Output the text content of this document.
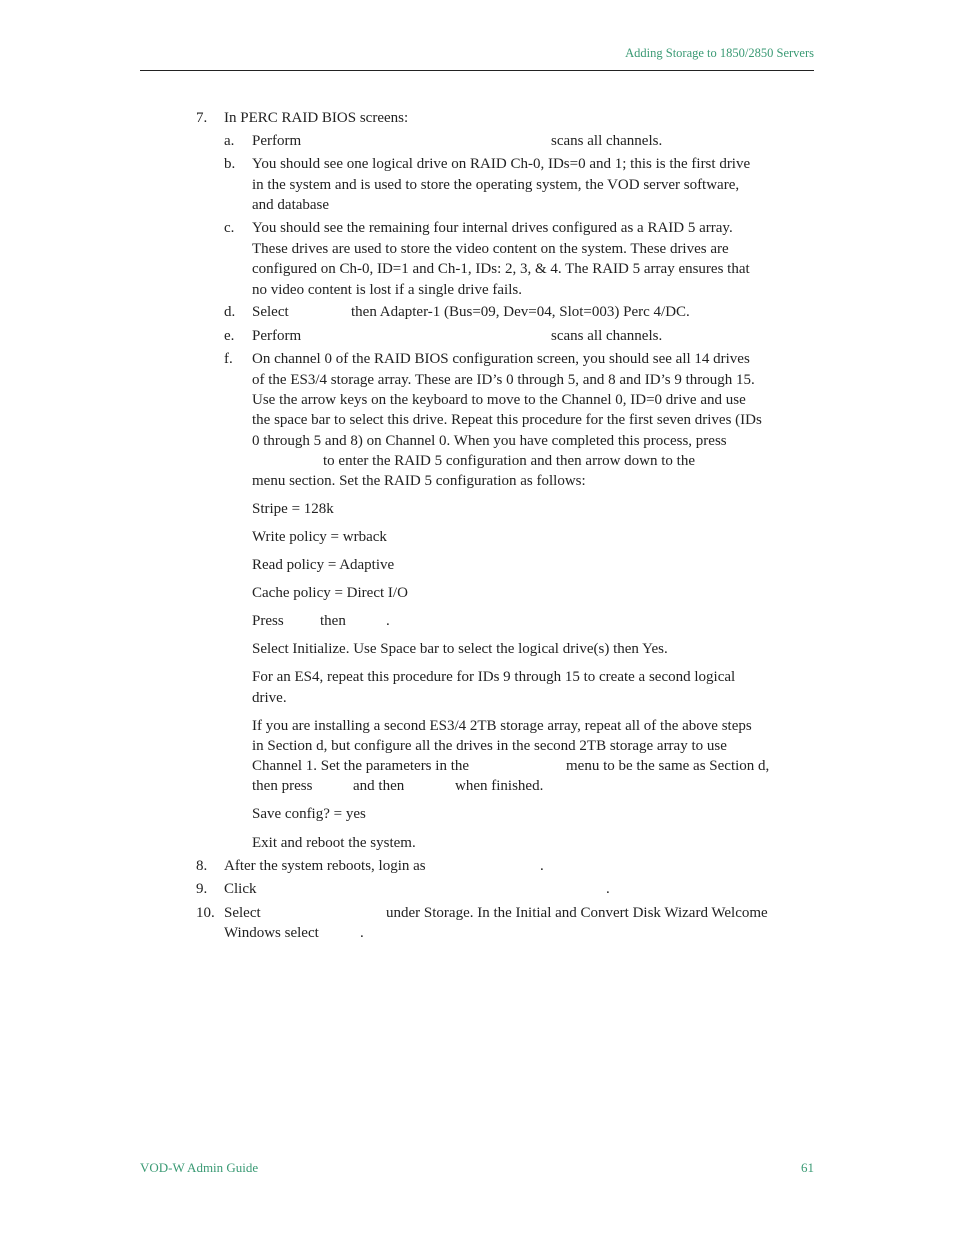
Adding Storage to 1850/2850 Servers
7. In PERC RAID BIOS screens:
a. Perform	scans all channels.
b. You should see one logical drive on RAID Ch-0, IDs=0 and 1; this is the first drive
in the system and is used to store the operating system, the VOD server software,
and database
c. You should see the remaining four internal drives configured as a RAID 5 array.
These drives are used to store the video content on the system. These drives are
configured on Ch-0, ID=1 and Ch-1, IDs: 2, 3, & 4. The RAID 5 array ensures that
no video content is lost if a single drive fails.
d. Select	then Adapter-1 (Bus=09, Dev=04, Slot=003) Perc 4/DC.
e. Perform	scans all channels.
f. On channel 0 of the RAID BIOS configuration screen, you should see all 14 drives
of the ES3/4 storage array. These are ID’s 0 through 5, and 8 and ID’s 9 through 15.
Use the arrow keys on the keyboard to move to the Channel 0, ID=0 drive and use
the space bar to select this drive. Repeat this procedure for the first seven drives (IDs
0 through 5 and 8) on Channel 0. When you have completed this process, press
to enter the RAID 5 configuration and then arrow down to the
menu section. Set the RAID 5 configuration as follows:
Stripe = 128k
Write policy = wrback
Read policy = Adaptive
Cache policy = Direct I/O
Press then	.
Select Initialize. Use Space bar to select the logical drive(s) then Yes.
For an ES4, repeat this procedure for IDs 9 through 15 to create a second logical
drive.
If you are installing a second ES3/4 2TB storage array, repeat all of the above steps
in Section d, but configure all the drives in the second 2TB storage array to use
Channel 1. Set the parameters in the	menu to be the same as Section d,
then press	and then	when finished.
Save config? = yes
Exit and reboot the system.
8. After the system reboots, login as	.
9. Click	.
10. Select	under Storage. In the Initial and Convert Disk Wizard Welcome
Windows select	.
VOD-W Admin Guide	61
